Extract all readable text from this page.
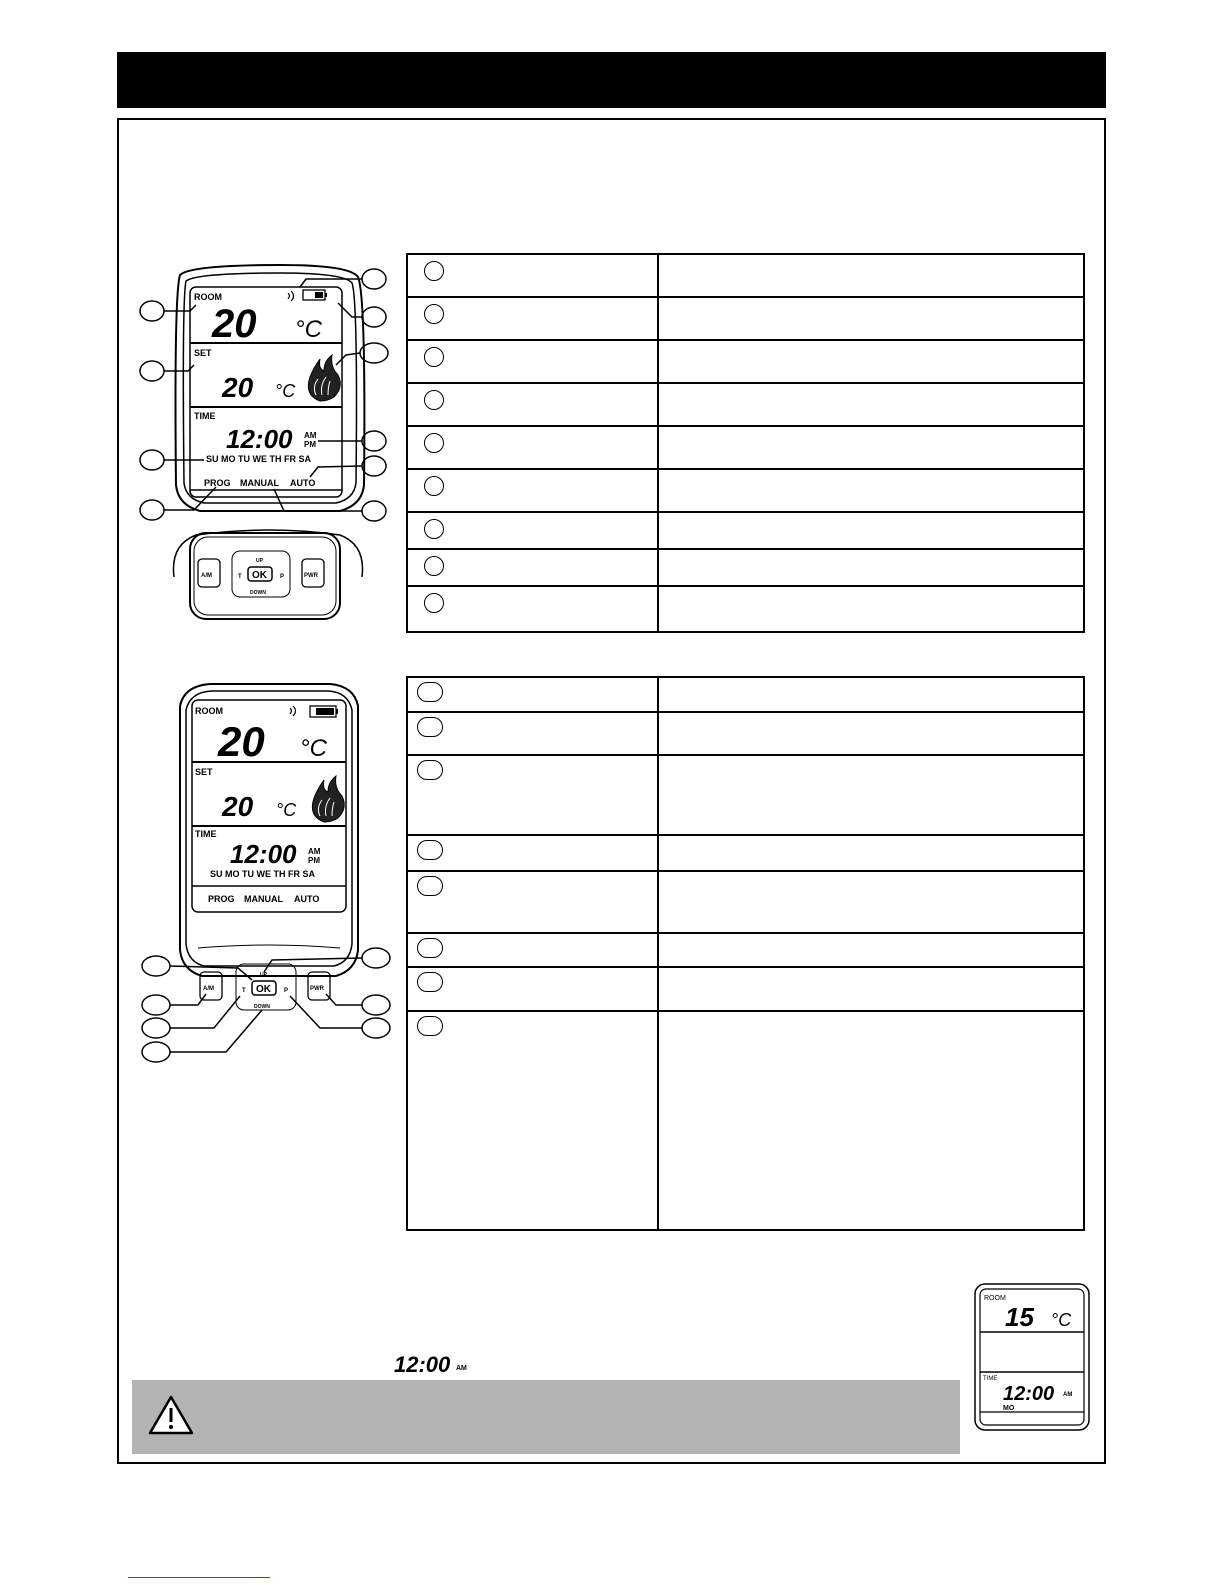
ROOM
20 °C
SET
20 °C
TIME
12:00 AM
PM
SU MO TU WE TH FR SA
PROG MANUAL AUTO
A/M	OK
UP
DOWN
T	P	PWR
ROOM
20 °C
SET
20 °C
TIME
12:00 AM
PM
SU MO TU WE TH FR SA
PROG MANUAL AUTO
A/M	OK
UP
DOWN
T	P	PWR
12:00 AM
ROOM
15 °C
TIME
12:00 AM
MO
